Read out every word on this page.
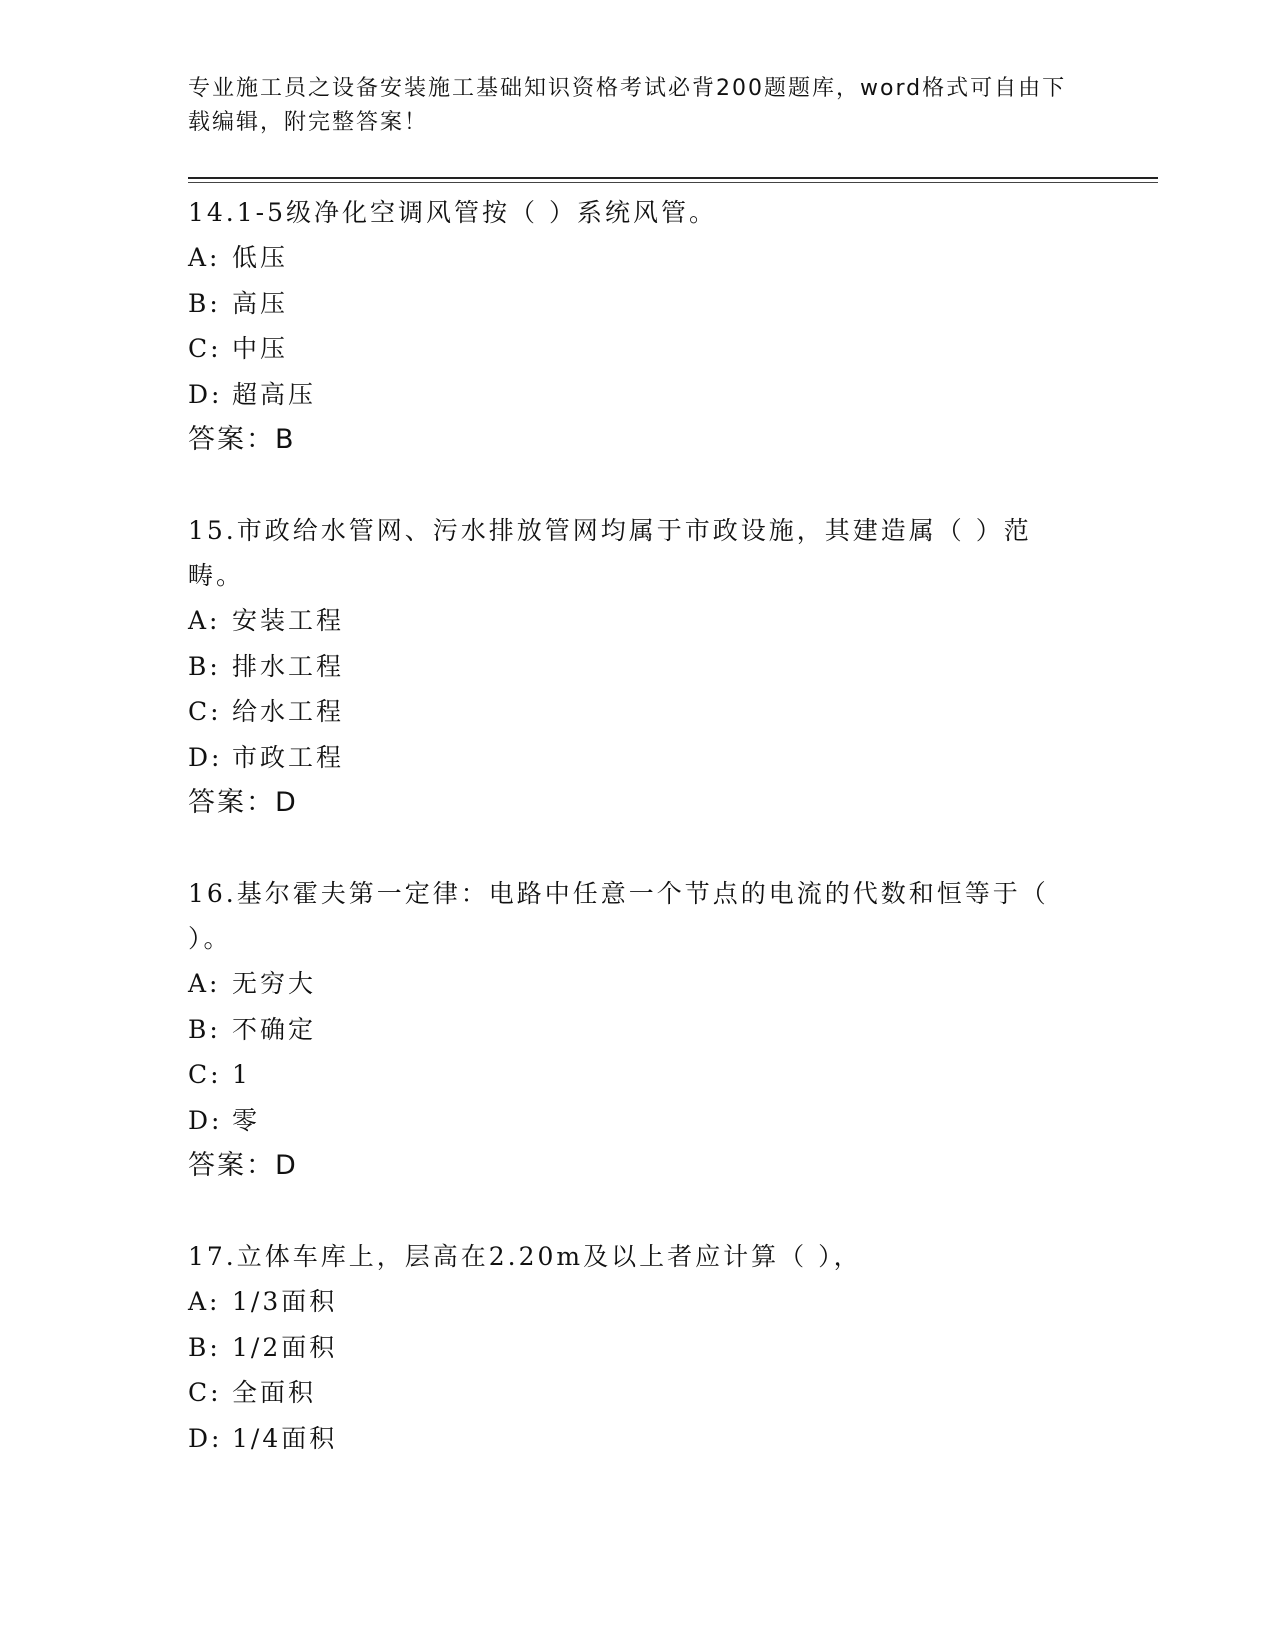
专业施工员之设备安装施工基础知识资格考试必背200题题库，word格式可自由下载编辑，附完整答案！

14.1-5级净化空调风管按（ ）系统风管。

A: 低压
B: 高压
C: 中压
D: 超高压

答案：B

15.市政给水管网、污水排放管网均属于市政设施，其建造属（ ）范畴。

A: 安装工程
B: 排水工程
C: 给水工程
D: 市政工程

答案：D

16.基尔霍夫第一定律：电路中任意一个节点的电流的代数和恒等于（ ）。

A: 无穷大
B: 不确定
C: 1
D: 零

答案：D

17.立体车库上，层高在2.20m及以上者应计算（ ），

A: 1/3面积
B: 1/2面积
C: 全面积
D: 1/4面积
